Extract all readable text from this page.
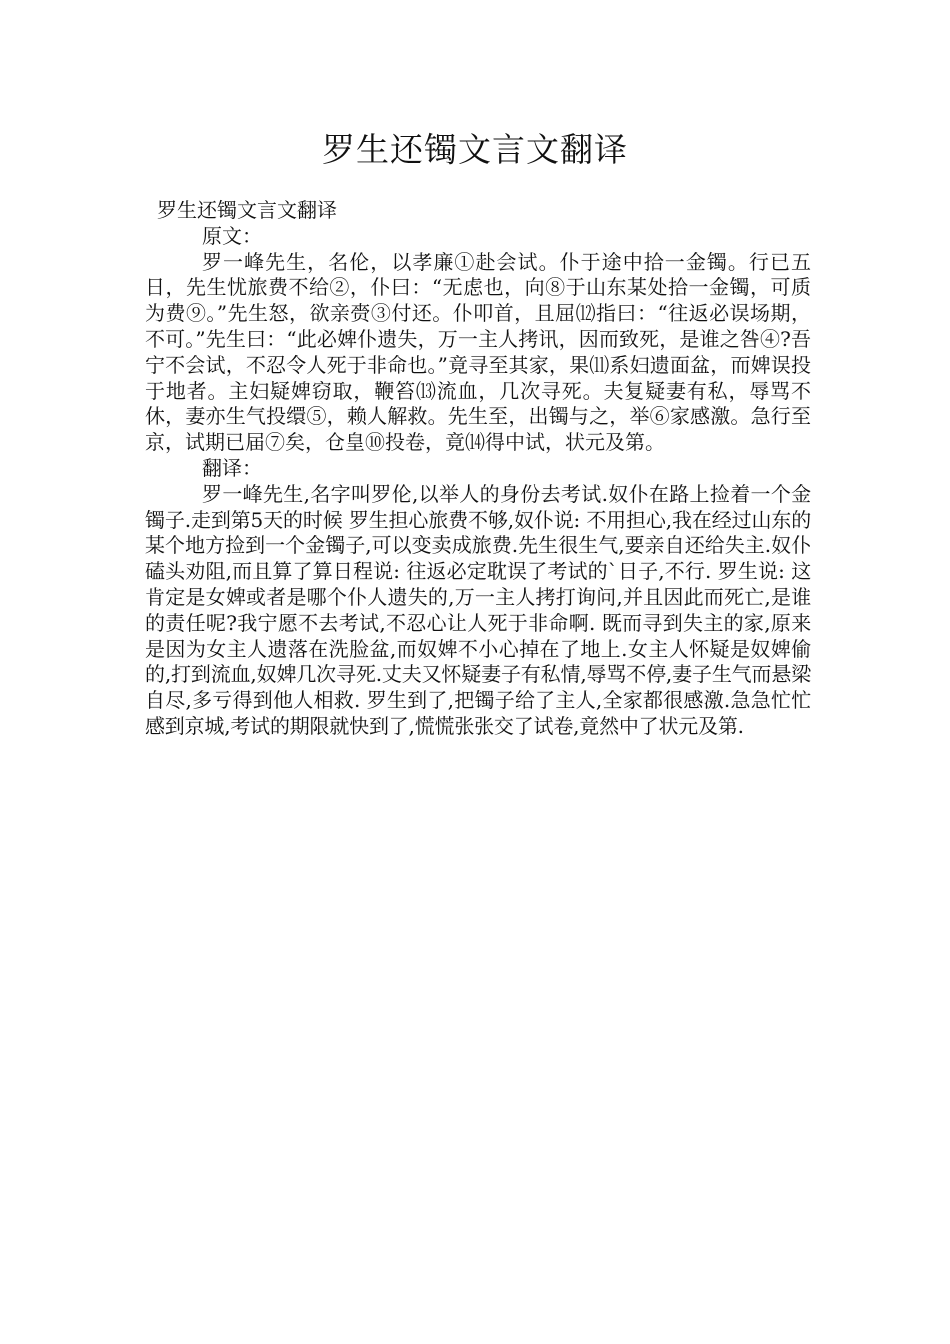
罗生还镯文言文翻译

罗生还镯文言文翻译

原文：

罗一峰先生，名伦，以孝廉①赴会试。仆于途中拾一金镯。行已五日，先生忧旅费不给②，仆曰：“无虑也，向⑧于山东某处拾一金镯，可质为费⑨。”先生怒，欲亲赍③付还。仆叩首，且屈⑿指曰：“往返必误场期，不可。”先生曰：“此必婢仆遗失，万一主人拷讯，因而致死，是谁之咎④?吾宁不会试，不忍令人死于非命也。”竟寻至其家，果⑾系妇遗面盆，而婢误投于地者。主妇疑婢窃取，鞭笞⒀流血，几次寻死。夫复疑妻有私，辱骂不休，妻亦生气投缳⑤，赖人解救。先生至，出镯与之，举⑥家感激。急行至京，试期已届⑦矣，仓皇⑩投卷，竟⒁得中试，状元及第。

翻译：

罗一峰先生,名字叫罗伦,以举人的身份去考试.奴仆在路上捡着一个金镯子.走到第5天的时候 罗生担心旅费不够,奴仆说: 不用担心,我在经过山东的某个地方捡到一个金镯子,可以变卖成旅费.先生很生气,要亲自还给失主.奴仆磕头劝阻,而且算了算日程说: 往返必定耽误了考试的`日子,不行. 罗生说: 这肯定是女婢或者是哪个仆人遗失的,万一主人拷打询问,并且因此而死亡,是谁的责任呢?我宁愿不去考试,不忍心让人死于非命啊. 既而寻到失主的家,原来是因为女主人遗落在洗脸盆,而奴婢不小心掉在了地上.女主人怀疑是奴婢偷的,打到流血,奴婢几次寻死.丈夫又怀疑妻子有私情,辱骂不停,妻子生气而悬梁自尽,多亏得到他人相救. 罗生到了,把镯子给了主人,全家都很感激.急急忙忙感到京城,考试的期限就快到了,慌慌张张交了试卷,竟然中了状元及第.
